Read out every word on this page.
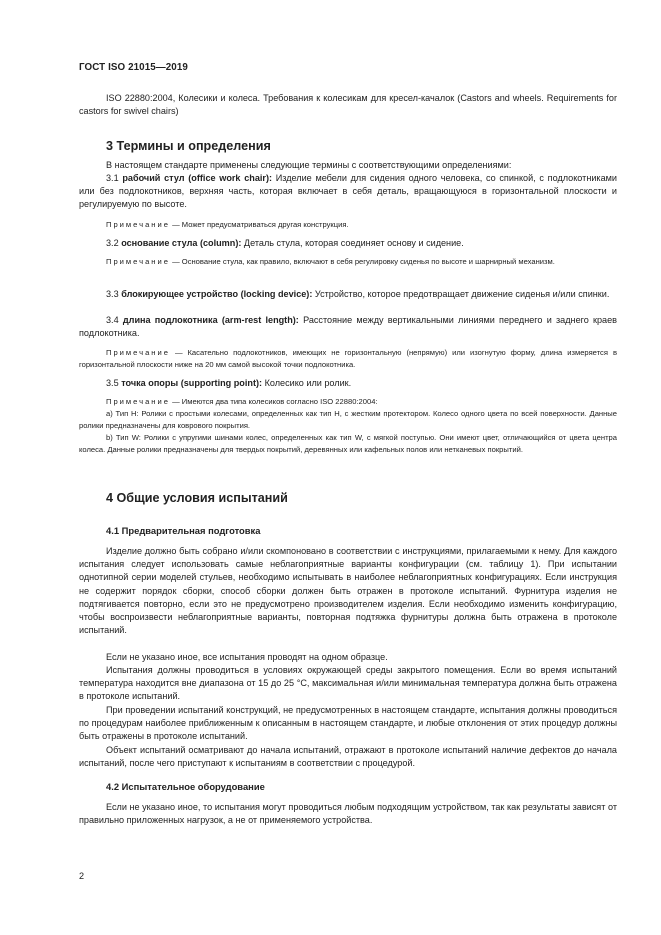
ГОСТ ISO 21015—2019
ISO 22880:2004, Колесики и колеса. Требования к колесикам для кресел-качалок (Castors and wheels. Requirements for castors for swivel chairs)
3 Термины и определения
В настоящем стандарте применены следующие термины с соответствующими определениями:
3.1 рабочий стул (office work chair): Изделие мебели для сидения одного человека, со спинкой, с подлокотниками или без подлокотников, верхняя часть, которая включает в себя деталь, вращающуюся в горизонтальной плоскости и регулируемую по высоте.
Примечание — Может предусматриваться другая конструкция.
3.2 основание стула (column): Деталь стула, которая соединяет основу и сидение.
Примечание — Основание стула, как правило, включают в себя регулировку сиденья по высоте и шарнирный механизм.
3.3 блокирующее устройство (locking device): Устройство, которое предотвращает движение сиденья и/или спинки.
3.4 длина подлокотника (arm-rest length): Расстояние между вертикальными линиями переднего и заднего краев подлокотника.
Примечание — Касательно подлокотников, имеющих не горизонтальную (непрямую) или изогнутую форму, длина измеряется в горизонтальной плоскости ниже на 20 мм самой высокой точки подлокотника.
3.5 точка опоры (supporting point): Колесико или ролик.
Примечание — Имеются два типа колесиков согласно ISO 22880:2004:
а) Тип H: Ролики с простыми колесами, определенных как тип H, с жестким протектором. Колесо одного цвета по всей поверхности. Данные ролики предназначены для коврового покрытия.
b) Тип W: Ролики с упругими шинами колес, определенных как тип W, с мягкой поступью. Они имеют цвет, отличающийся от цвета центра колеса. Данные ролики предназначены для твердых покрытий, деревянных или кафельных полов или нетканевых покрытий.
4 Общие условия испытаний
4.1 Предварительная подготовка
Изделие должно быть собрано и/или скомпоновано в соответствии с инструкциями, прилагаемыми к нему. Для каждого испытания следует использовать самые неблагоприятные варианты конфигурации (см. таблицу 1). При испытании однотипной серии моделей стульев, необходимо испытывать в наиболее неблагоприятных конфигурациях. Если инструкция не содержит порядок сборки, способ сборки должен быть отражен в протоколе испытаний. Фурнитура изделия не подтягивается повторно, если это не предусмотрено производителем изделия. Если необходимо изменить конфигурацию, чтобы воспроизвести неблагоприятные варианты, повторная подтяжка фурнитуры должна быть отражена в протоколе испытаний.
Если не указано иное, все испытания проводят на одном образце.
Испытания должны проводиться в условиях окружающей среды закрытого помещения. Если во время испытаний температура находится вне диапазона от 15 до 25 °С, максимальная и/или минимальная температура должна быть отражена в протоколе испытаний.
При проведении испытаний конструкций, не предусмотренных в настоящем стандарте, испытания должны проводиться по процедурам наиболее приближенным к описанным в настоящем стандарте, и любые отклонения от этих процедур должны быть отражены в протоколе испытаний.
Объект испытаний осматривают до начала испытаний, отражают в протоколе испытаний наличие дефектов до начала испытаний, после чего приступают к испытаниям в соответствии с процедурой.
4.2 Испытательное оборудование
Если не указано иное, то испытания могут проводиться любым подходящим устройством, так как результаты зависят от правильно приложенных нагрузок, а не от применяемого устройства.
2
